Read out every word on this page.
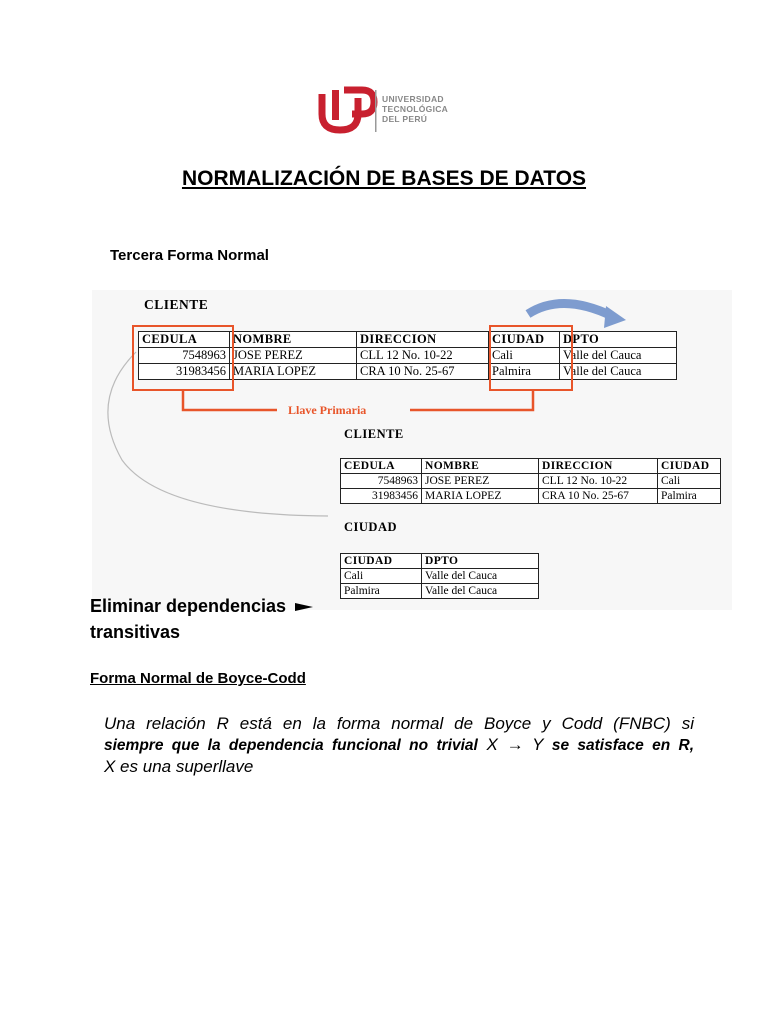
UNIVERSIDAD
TECNOLÓGICA
DEL PERÚ
NORMALIZACIÓN DE BASES DE DATOS
Tercera Forma Normal
CLIENTE
CEDULA	NOMBRE	DIRECCION	CIUDAD	DPTO
7548963	JOSE PEREZ	CLL 12 No. 10-22	Cali	Valle del Cauca
31983456	MARIA LOPEZ	CRA 10 No. 25-67	Palmira	Valle del Cauca
Llave Primaria
CLIENTE
CEDULA	NOMBRE	DIRECCION	CIUDAD
7548963	JOSE PEREZ	CLL 12 No. 10-22	Cali
31983456	MARIA LOPEZ	CRA 10 No. 25-67	Palmira
CIUDAD
CIUDAD	DPTO
Cali	Valle del Cauca
Palmira	Valle del Cauca
Eliminar dependencias
transitivas
Forma Normal de Boyce-Codd
Una relación R está en la forma normal de Boyce y Codd (FNBC) si
siempre que la dependencia funcional no trivial X → Y se satisface en R,
X es una superllave
